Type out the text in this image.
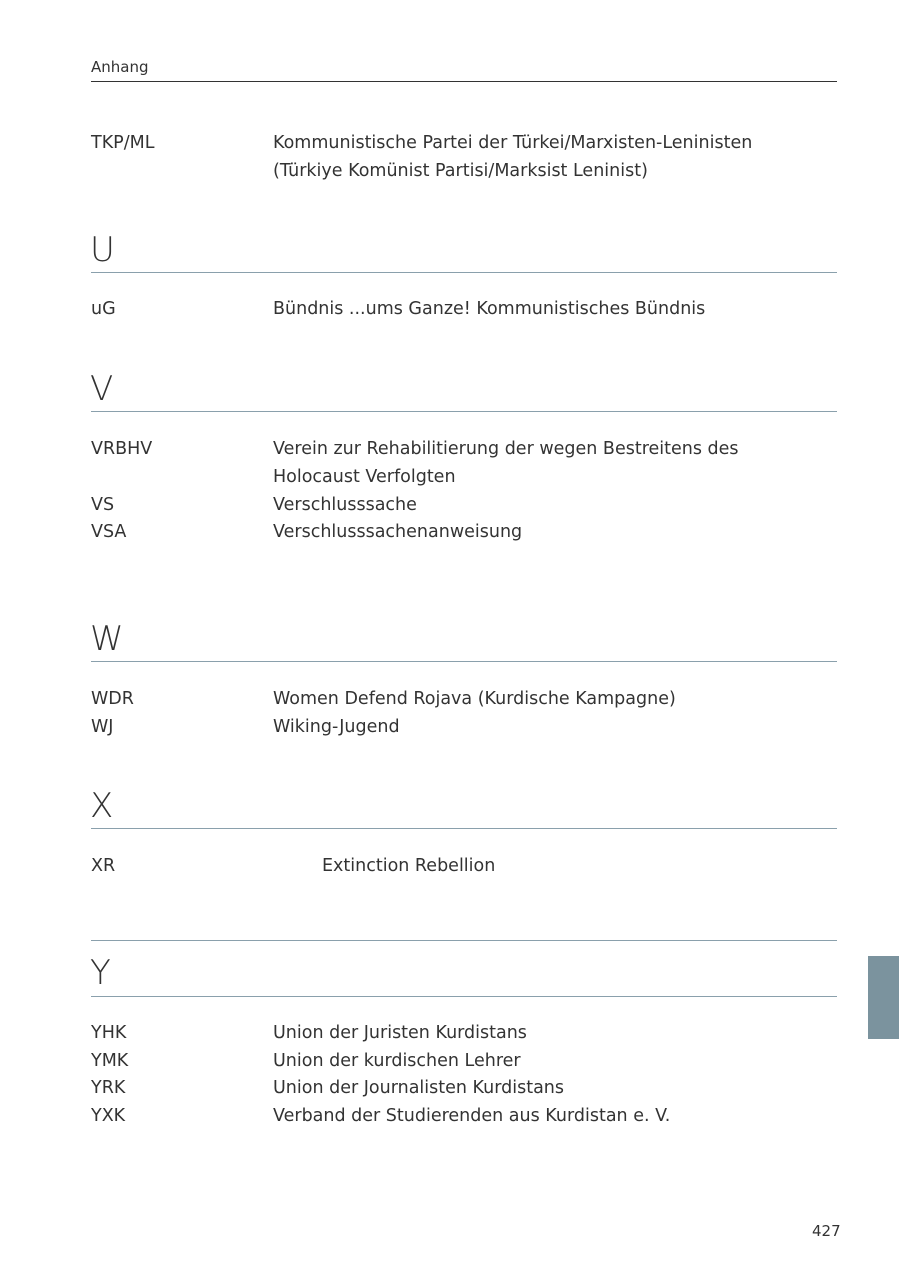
Anhang
TKP/ML	Kommunistische Partei der Türkei/Marxisten-Leninisten
(Türkiye Komünist Partisi/Marksist Leninist)
U
uG	Bündnis ...ums Ganze! Kommunistisches Bündnis
V
VRBHV	Verein zur Rehabilitierung der wegen Bestreitens des
Holocaust Verfolgten
VS	Verschlusssache
VSA	Verschlusssachenanweisung
W
WDR	Women Defend Rojava (Kurdische Kampagne)
WJ	Wiking-Jugend
X
XR	Extinction Rebellion
Y
YHK	Union der Juristen Kurdistans
YMK	Union der kurdischen Lehrer
YRK	Union der Journalisten Kurdistans
YXK	Verband der Studierenden aus Kurdistan e. V.
427
